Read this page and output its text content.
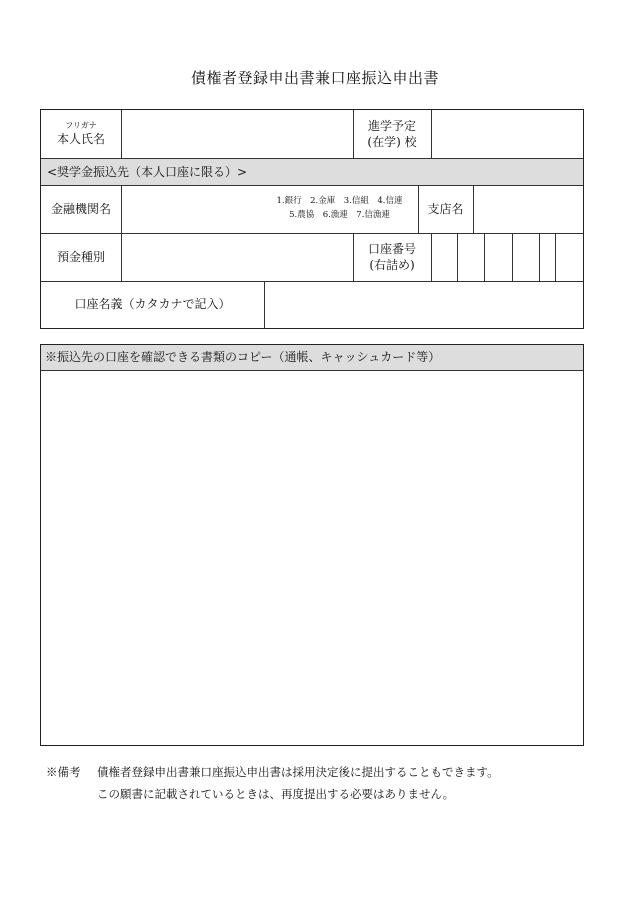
債権者登録申出書兼口座振込申出書
フリガナ
本人氏名
進学予定
(在学) 校
<奨学金振込先（本人口座に限る）>
金融機関名
1.銀行　2.金庫　3.信組　4.信連
5.農協　6.漁連　7.信漁連	支店名
預金種別
口座番号
(右詰め)
口座名義（カタカナで記入）
※振込先の口座を確認できる書類のコピー（通帳、キャッシュカード等）
※備考 債権者登録申出書兼口座振込申出書は採用決定後に提出することもできます。
この願書に記載されているときは、再度提出する必要はありません。
